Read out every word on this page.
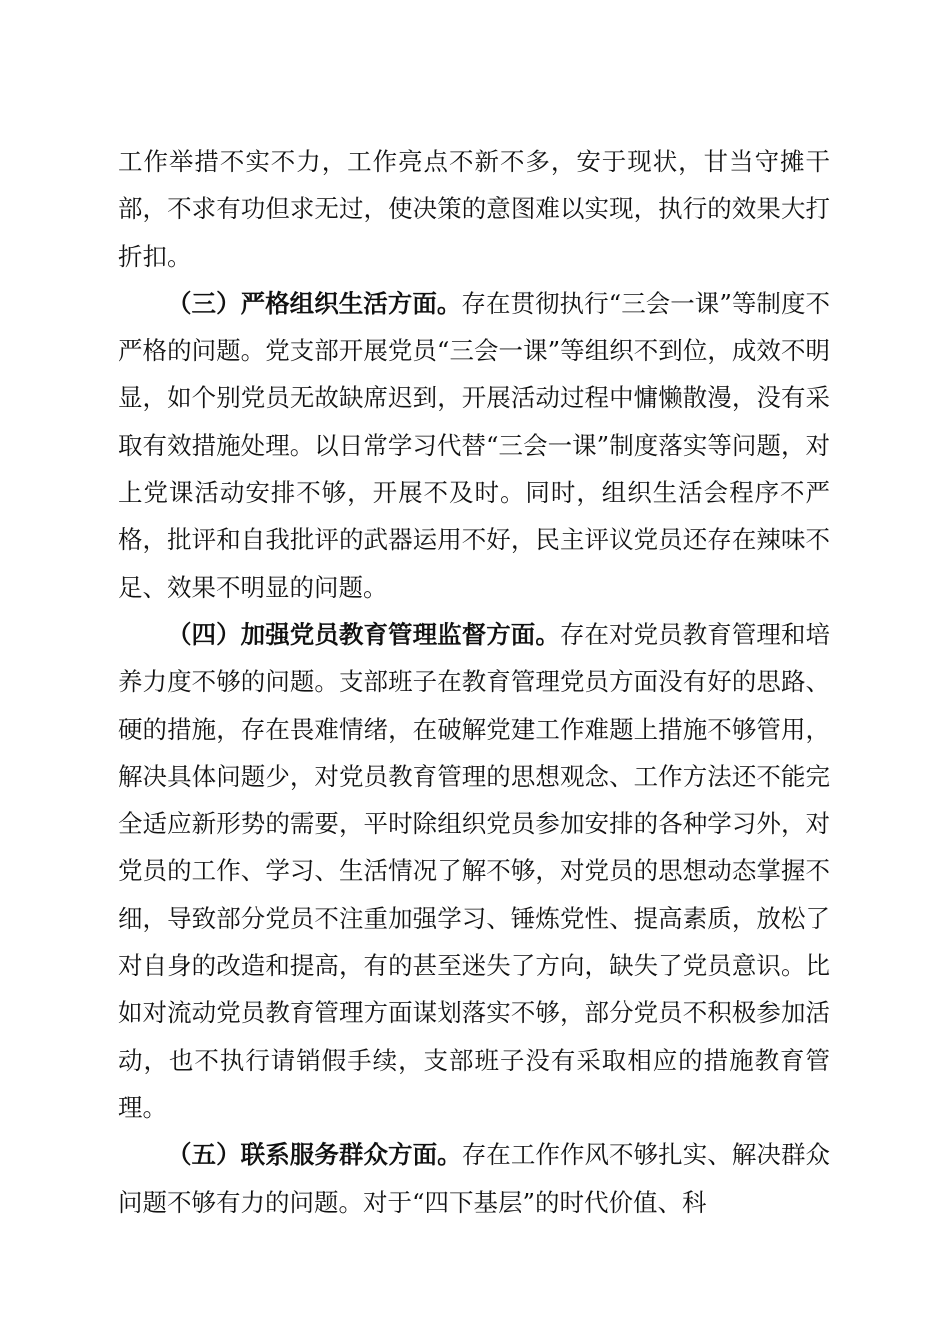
工作举措不实不力，工作亮点不新不多，安于现状，甘当守摊干部，不求有功但求无过，使决策的意图难以实现，执行的效果大打折扣。

（三）严格组织生活方面。存在贯彻执行“三会一课”等制度不严格的问题。党支部开展党员“三会一课”等组织不到位，成效不明显，如个别党员无故缺席迟到，开展活动过程中慵懒散漫，没有采取有效措施处理。以日常学习代替“三会一课”制度落实等问题，对上党课活动安排不够，开展不及时。同时，组织生活会程序不严格，批评和自我批评的武器运用不好，民主评议党员还存在辣味不足、效果不明显的问题。

（四）加强党员教育管理监督方面。存在对党员教育管理和培养力度不够的问题。支部班子在教育管理党员方面没有好的思路、硬的措施，存在畏难情绪，在破解党建工作难题上措施不够管用，解决具体问题少，对党员教育管理的思想观念、工作方法还不能完全适应新形势的需要，平时除组织党员参加安排的各种学习外，对党员的工作、学习、生活情况了解不够，对党员的思想动态掌握不细，导致部分党员不注重加强学习、锤炼党性、提高素质，放松了对自身的改造和提高，有的甚至迷失了方向，缺失了党员意识。比如对流动党员教育管理方面谋划落实不够，部分党员不积极参加活动，也不执行请销假手续，支部班子没有采取相应的措施教育管理。

（五）联系服务群众方面。存在工作作风不够扎实、解决群众问题不够有力的问题。对于“四下基层”的时代价值、科
